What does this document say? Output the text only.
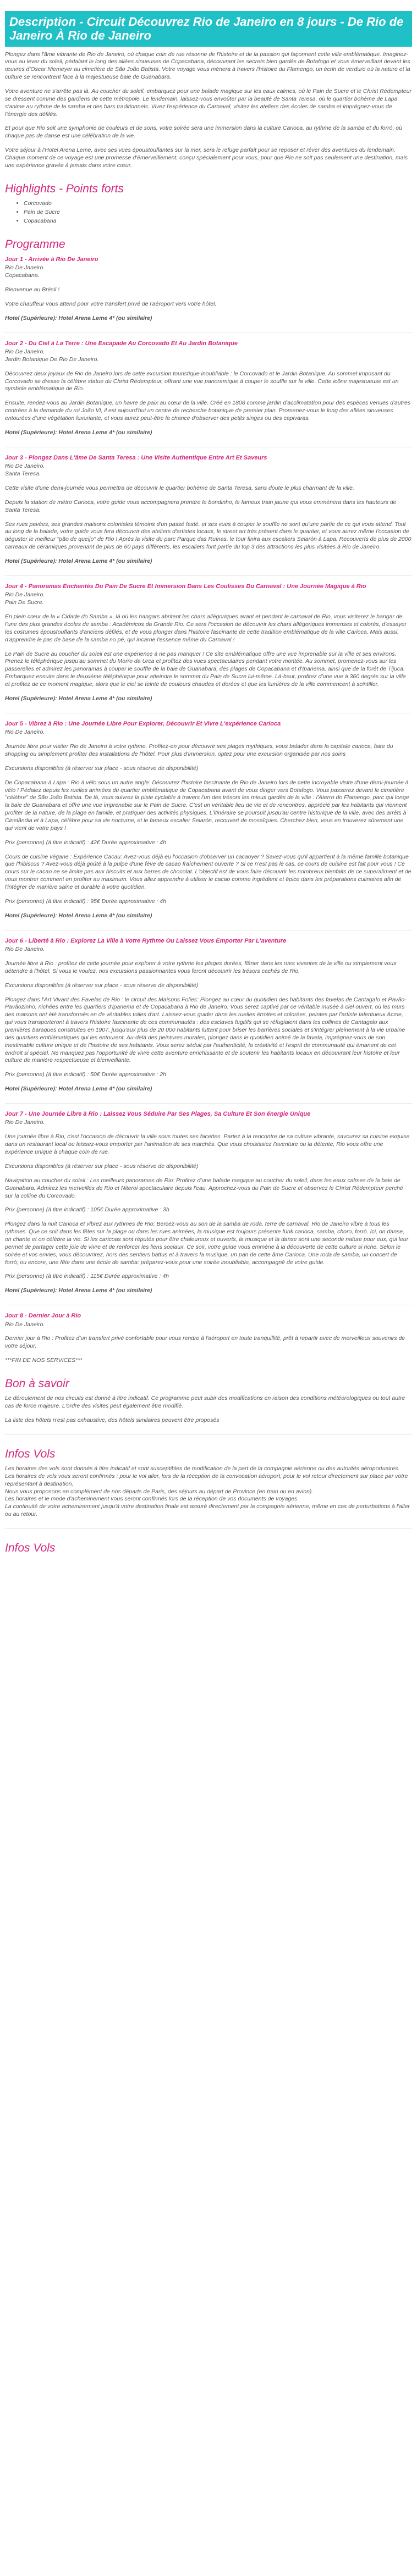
Description - Circuit Découvrez Rio de Janeiro en 8 jours - De Rio de Janeiro À Rio de Janeiro

Plongez dans l'âme vibrante de Rio de Janeiro, où chaque coin de rue résonne de l'histoire et de la passion qui façonnent cette ville emblématique. Imaginez-vous au lever du soleil, pédalant le long des allées sinueuses de Copacabana, découvrant les secrets bien gardés de Botafogo et vous émerveillant devant les œuvres d'Oscar Niemeyer au cimetière de São João Batista. Votre voyage vous mènera à travers l'histoire du Flamengo, un écrin de verdure où la nature et la culture se rencontrent face à la majestueuse baie de Guanabara.

Votre aventure ne s'arrête pas là. Au coucher du soleil, embarquez pour une balade magique sur les eaux calmes, où le Pain de Sucre et le Christ Rédempteur se dressent comme des gardiens de cette métropole. Le lendemain, laissez-vous envoûter par la beauté de Santa Teresa, où le quartier bohème de Lapa s'anime au rythme de la samba et des bars traditionnels. Vivez l'expérience du Carnaval, visitez les ateliers des écoles de samba et imprégnez-vous de l'énergie des défilés.

Et pour que Rio soit une symphonie de couleurs et de sons, votre soirée sera une immersion dans la culture Carioca, au rythme de la samba et du forró, où chaque pas de danse est une célébration de la vie.

Votre séjour à l'Hotel Arena Leme, avec ses vues époustouflantes sur la mer, sera le refuge parfait pour se reposer et rêver des aventures du lendemain. Chaque moment de ce voyage est une promesse d'émerveillement, conçu spécialement pour vous, pour que Rio ne soit pas seulement une destination, mais une expérience gravée à jamais dans votre cœur.

Highlights - Points forts
• Corcovado
• Pain de Sucre
• Copacabana
Programme
Jour 1 - Arrivée à Rio De Janeiro

Rio De Janeiro.
Copacabana.

Bienvenue au Brésil !

Votre chauffeur vous attend pour votre transfert privé de l'aéroport vers votre hôtel.

Hotel (Supérieure): Hotel Arena Leme 4* (ou similaire)

Jour 2 - Du Ciel à La Terre : Une Escapade Au Corcovado Et Au Jardin Botanique

Rio De Janeiro.
Jardin Botanique De Rio De Janeiro.

Découvrez deux joyaux de Rio de Janeiro lors de cette excursion touristique inoubliable : le Corcovado et le Jardin Botanique. Au sommet imposant du Corcovado se dresse la célèbre statue du Christ Rédempteur, offrant une vue panoramique à couper le souffle sur la ville. Cette icône majestueuse est un symbole emblématique de Rio.

Ensuite, rendez-vous au Jardin Botanique, un havre de paix au cœur de la ville. Créé en 1808 comme jardin d'acclimatation pour des espèces venues d'autres contrées à la demande du roi João VI, il est aujourd'hui un centre de recherche botanique de premier plan. Promenez-vous le long des allées sinueuses entourées d'une végétation luxuriante, et vous aurez peut-être la chance d'observer des petits singes ou des capivaras.

Hotel (Supérieure): Hotel Arena Leme 4* (ou similaire)

Jour 3 - Plongez Dans L'âme De Santa Teresa : Une Visite Authentique Entre Art Et Saveurs

Rio De Janeiro.
Santa Teresa.

Cette visite d'une demi-journée vous permettra de découvrir le quartier bohème de Santa Teresa, sans doute le plus charmant de la ville.

Depuis la station de métro Carioca, votre guide vous accompagnera prendre le bondinho, le fameux train jaune qui vous emmènera dans les hauteurs de Santa Teresa.

Ses rues pavées, ses grandes maisons coloniales témoins d'un passé fasté, et ses vues à couper le souffle ne sont qu'une partie de ce qui vous attend. Tout au long de la balade, votre guide vous fera découvrir des ateliers d'artistes locaux, le street art très présent dans le quartier, et vous aurez même l'occasion de déguster le meilleur "pão de queijo" de Rio ! Après la visite du parc Parque das Ruínas, le tour finira aux escaliers Selarón à Lapa. Recouverts de plus de 2000 carreaux de céramiques provenant de plus de 60 pays différents, les escaliers font partie du top 3 des attractions les plus visitées à Rio de Janeiro.

Hotel (Supérieure): Hotel Arena Leme 4* (ou similaire)

Jour 4 - Panoramas Enchantés Du Pain De Sucre Et Immersion Dans Les Coulisses Du Carnaval : Une Journée Magique à Rio

Rio De Janeiro.
Pain De Sucre.

En plein cœur de la « Cidade do Samba », là où les hangars abritent les chars allégoriques avant et pendant le carnaval de Rio, vous visiterez le hangar de l'une des plus grandes écoles de samba : Académicos da Grande Rio. Ce sera l'occasion de découvrir les chars allégoriques immenses et colorés, d'essayer les costumes époustouflants d'anciens défilés, et de vous plonger dans l'histoire fascinante de cette tradition emblématique de la ville Carioca. Mais aussi, d'apprendre le pas de base de la samba no pé, qui incarne l'essence même du Carnaval !

Le Pain de Sucre au coucher du soleil est une expérience à ne pas manquer ! Ce site emblématique offre une vue imprenable sur la ville et ses environs. Prenez le téléphérique jusqu'au sommet du Morro da Urca et profitez des vues spectaculaires pendant votre montée. Au sommet, promenez-vous sur les passerelles et admirez les panoramas à couper le souffle de la baie de Guanabara, des plages de Copacabana et d'Ipanema, ainsi que de la forêt de Tijuca. Embarquez ensuite dans le deuxième téléphérique pour atteindre le sommet du Pain de Sucre lui-même. Là-haut, profitez d'une vue à 360 degrés sur la ville et profitez de ce moment magique, alors que le ciel se teinte de couleurs chaudes et dorées et que les lumières de la ville commencent à scintiller.

Hotel (Supérieure): Hotel Arena Leme 4* (ou similaire)

Jour 5 - Vibrez à Rio : Une Journée Libre Pour Explorer, Découvrir Et Vivre L'expérience Carioca

Rio De Janeiro.

Journée libre pour visiter Rio de Janeiro à votre rythme. Profitez-en pour découvrir ses plages mythiques, vous balader dans la capitale carioca, faire du shopping ou simplement profiter des installations de l'hôtel. Pour plus d'immersion, optez pour une excursion organisée par nos soins

Excursions disponibles (à réserver sur place - sous réserve de disponibilité)

De Copacabana à Lapa : Rio à vélo sous un autre angle: Découvrez l'histoire fascinante de Rio de Janeiro lors de cette incroyable visite d'une demi-journée à vélo ! Pédalez depuis les ruelles animées du quartier emblématique de Copacabana avant de vous diriger vers Botafogo. Vous passerez devant le cimetière "célèbre" de São João Batista. De là, vous suivrez la piste cyclable à travers l'un des trésors les mieux gardés de la ville : l'Aterro do Flamengo, parc qui longe la baie de Guanabara et offre une vue imprenable sur le Pain de Sucre. C'est un véritable lieu de vie et de rencontres, apprécié par les habitants qui viennent profiter de la nature, de la plage en famille, et pratiquer des activités physiques. L'itinéraire se poursuit jusqu'au centre historique de la ville, avec des arrêts à Cinelândia et à Lapa, célèbre pour sa vie nocturne, et le fameux escalier Selarón, recouvert de mosaïques. Cherchez bien, vous en trouverez sûrement une qui vient de votre pays !

Prix (personne) (à titre indicatif) : 42€ Durée approximative : 4h

Cours de cuisine végane : Expérience Cacau: Avez-vous déjà eu l'occasion d'observer un cacaoyer ? Savez-vous qu'il appartient à la même famille botanique que l'hibiscus ? Avez-vous déjà goûté à la pulpe d'une fève de cacao fraîchement ouverte ? Si ce n'est pas le cas, ce cours de cuisine est fait pour vous ! Ce cours sur le cacao ne se limite pas aux biscuits et aux barres de chocolat. L'objectif est de vous faire découvrir les nombreux bienfaits de ce superaliment et de vous montrer comment en profiter au maximum. Vous allez apprendre à utiliser le cacao comme ingrédient et épice dans les préparations culinaires afin de l'intégrer de manière saine et durable à votre quotidien.

Prix (personne) (à titre indicatif) : 95€ Durée approximative : 4h

Hotel (Supérieure): Hotel Arena Leme 4* (ou similaire)

Jour 6 - Liberté à Rio : Explorez La Ville à Votre Rythme Ou Laissez Vous Emporter Par L'aventure

Rio De Janeiro.

Journée libre à Rio : profitez de cette journée pour explorer à votre rythme les plages dorées, flâner dans les rues vivantes de la ville ou simplement vous détendre à l'hôtel. Si vous le voulez, nos excursions passionnantes vous feront découvrir les trésors cachés de Rio.

Excursions disponibles (à réserver sur place - sous réserve de disponibilité)

Plongez dans l'Art Vivant des Favelas de Rio : le circuit des Maisons Folies: Plongez au cœur du quotidien des habitants des favelas de Cantagalo et Pavão-Pavãozinho, nichées entre les quartiers d'Ipanema et de Copacabana à Rio de Janeiro. Vous serez captivé par ce véritable musée à ciel ouvert, où les murs des maisons ont été transformés en de véritables toiles d'art. Laissez-vous guider dans les ruelles étroites et colorées, peintes par l'artiste talentueux Acme, qui vous transporteront à travers l'histoire fascinante de ces communautés : des esclaves fugitifs qui se réfugiaient dans les collines de Cantagalo aux premières baraques construites en 1907, jusqu'aux plus de 20 000 habitants luttant pour briser les barrières sociales et s'intégrer pleinement à la vie urbaine des quartiers emblématiques qui les entourent. Au-delà des peintures murales, plongez dans le quotidien animé de la favela, imprégnez-vous de son inestimable culture unique et de l'histoire de ses habitants. Vous serez séduit par l'authenticité, la créativité et l'esprit de communauté qui émanent de cet endroit si spécial. Ne manquez pas l'opportunité de vivre cette aventure enrichissante et de soutenir les habitants locaux en découvrant leur histoire et leur culture de manière respectueuse et bienveillante.

Prix (personne) (à titre indicatif) : 50€ Durée approximative : 2h

Hotel (Supérieure): Hotel Arena Leme 4* (ou similaire)

Jour 7 - Une Journée Libre à Rio : Laissez Vous Séduire Par Ses Plages, Sa Culture Et Son énergie Unique

Rio De Janeiro.

Une journée libre à Rio, c'est l'occasion de découvrir la ville sous toutes ses facettes. Partez à la rencontre de sa culture vibrante, savourez sa cuisine exquise dans un restaurant local ou laissez-vous emporter par l'animation de ses marchés. Que vous choisissiez l'aventure ou la détente, Rio vous offre une expérience unique à chaque coin de rue.

Excursions disponibles (à réserver sur place - sous réserve de disponibilité)

Navigation au coucher du soleil : Les meilleurs panoramas de Rio: Profitez d'une balade magique au coucher du soleil, dans les eaux calmes de la baie de Guanabara. Admirez les merveilles de Rio et Niteroi spectaculaire depuis l'eau. Approchez-vous du Pain de Sucre et observez le Christ Rédempteur perché sur la colline du Corcovado.

Prix (personne) (à titre indicatif) : 105€ Durée approximative : 3h

Plongez dans la nuit Carioca et vibrez aux rythmes de Rio: Bercez-vous au son de la samba de roda, terre de carnaval, Rio de Janeiro vibre à tous les rythmes. Que ce soit dans les fêtes sur la plage ou dans les rues animées, la musique est toujours présente funk carioca, samba, choro, forró. Ici, on danse, on chante et on célèbre la vie. Si les caricoas sont réputés pour être chaleureux et ouverts, la musique et la danse sont une seconde nature pour eux, qui leur permet de partager cette joie de vivre et de renforcer les liens sociaux. Ce soir, votre guide vous emmène à la découverte de cette culture si riche. Selon le soirée et vos envies, vous découvrirez, hors des sentiers battus et à travers la musique, un pan de cette âme Carioca. Une roda de samba, un concert de forró, ou encore, une fête dans une école de samba: préparez-vous pour une soirée inoubliable, accompagné de votre guide.

Prix (personne) (à titre indicatif) : 115€ Durée approximative : 4h

Hotel (Supérieure): Hotel Arena Leme 4* (ou similaire)

Jour 8 - Dernier Jour à Rio

Rio De Janeiro.

Dernier jour à Rio : Profitez d'un transfert privé confortable pour vous rendre à l'aéroport en toute tranquillité, prêt à repartir avec de merveilleux souvenirs de votre séjour.

***FIN DE NOS SERVICES***

Bon à savoir

Le déroulement de nos circuits est donné à titre indicatif. Ce programme peut subir des modifications en raison des conditions météorologiques ou tout autre cas de force majeure. L'ordre des visites peut également être modifié.

La liste des hôtels n'est pas exhaustive, des hôtels similaires peuvent être proposés

Infos Vols

Les horaires des vols sont donnés à titre indicatif et sont susceptibles de modification de la part de la compagnie aérienne ou des autorités aéroportuaires.
Les horaires de vols vous seront confirmés : pour le vol aller, lors de la réception de la convocation aéroport, pour le vol retour directement sur place par votre représentant à destination.
Nous vous proposons en complément de nos départs de Paris, des séjours au départ de Province (en train ou en avion).
Les horaires et le mode d'acheminement vous seront confirmés lors de la réception de vos documents de voyages
La continuité de votre acheminement jusqu'à votre destination finale est assuré directement par la compagnie aérienne, même en cas de perturbations à l'aller ou au retour.

Infos Vols
